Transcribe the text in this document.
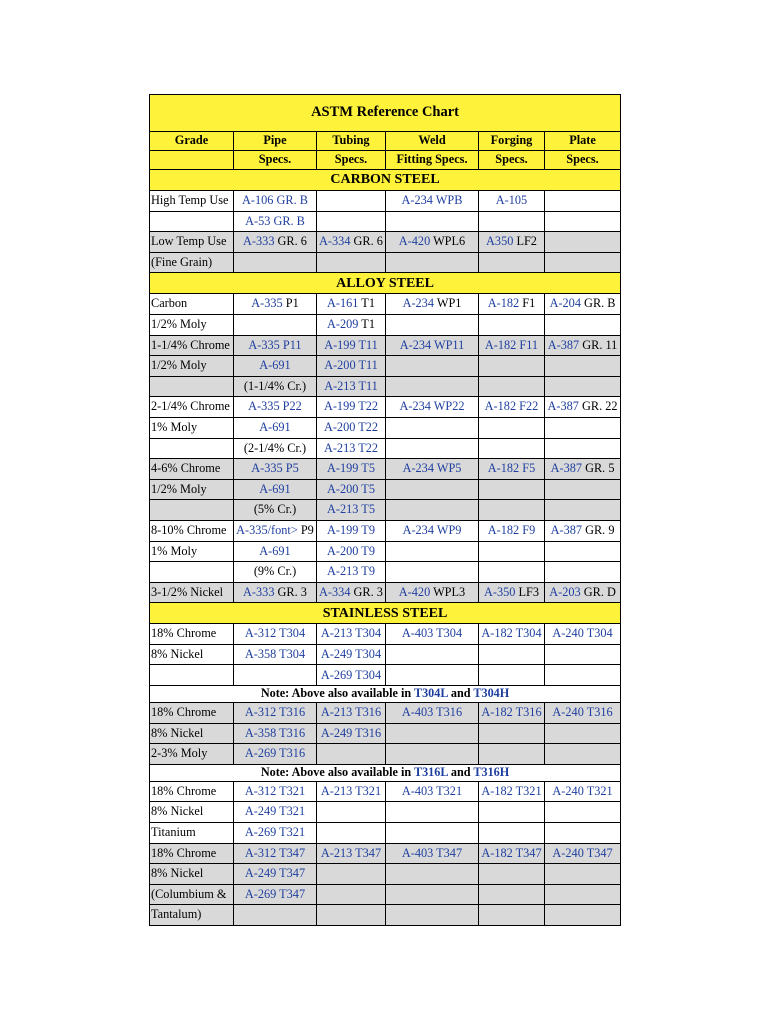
ASTM Reference Chart					
Grade	Pipe	Tubing	Weld	Forging	Plate
	Specs.	Specs.	Fitting Specs.	Specs.	Specs.
CARBON STEEL					
High Temp Use	A-106 GR. B		A-234 WPB	A-105	
	A-53 GR. B				
Low Temp Use	A-333 GR. 6	A-334 GR. 6	A-420 WPL6	A350 LF2	
(Fine Grain)					
ALLOY STEEL					
Carbon	A-335 P1	A-161 T1	A-234 WP1	A-182 F1	A-204 GR. B
1/2% Moly		A-209 T1			
1-1/4% Chrome	A-335 P11	A-199 T11	A-234 WP11	A-182 F11	A-387 GR. 11
1/2% Moly	A-691	A-200 T11			
	(1-1/4% Cr.)	A-213 T11			
2-1/4% Chrome	A-335 P22	A-199 T22	A-234 WP22	A-182 F22	A-387 GR. 22
1% Moly	A-691	A-200 T22			
	(2-1/4% Cr.)	A-213 T22			
4-6% Chrome	A-335 P5	A-199 T5	A-234 WP5	A-182 F5	A-387 GR. 5
1/2% Moly	A-691	A-200 T5			
	(5% Cr.)	A-213 T5			
8-10% Chrome	A-335/font> P9	A-199 T9	A-234 WP9	A-182 F9	A-387 GR. 9
1% Moly	A-691	A-200 T9			
	(9% Cr.)	A-213 T9			
3-1/2% Nickel	A-333 GR. 3	A-334 GR. 3	A-420 WPL3	A-350 LF3	A-203 GR. D
STAINLESS STEEL					
18% Chrome	A-312 T304	A-213 T304	A-403 T304	A-182 T304	A-240 T304
8% Nickel	A-358 T304	A-249 T304			
		A-269 T304			
Note: Above also available in T304L and T304H					
18% Chrome	A-312 T316	A-213 T316	A-403 T316	A-182 T316	A-240 T316
8% Nickel	A-358 T316	A-249 T316			
2-3% Moly	A-269 T316				
Note: Above also available in T316L and T316H					
18% Chrome	A-312 T321	A-213 T321	A-403 T321	A-182 T321	A-240 T321
8% Nickel	A-249 T321				
Titanium	A-269 T321				
18% Chrome	A-312 T347	A-213 T347	A-403 T347	A-182 T347	A-240 T347
8% Nickel	A-249 T347				
(Columbium &	A-269 T347				
Tantalum)					
